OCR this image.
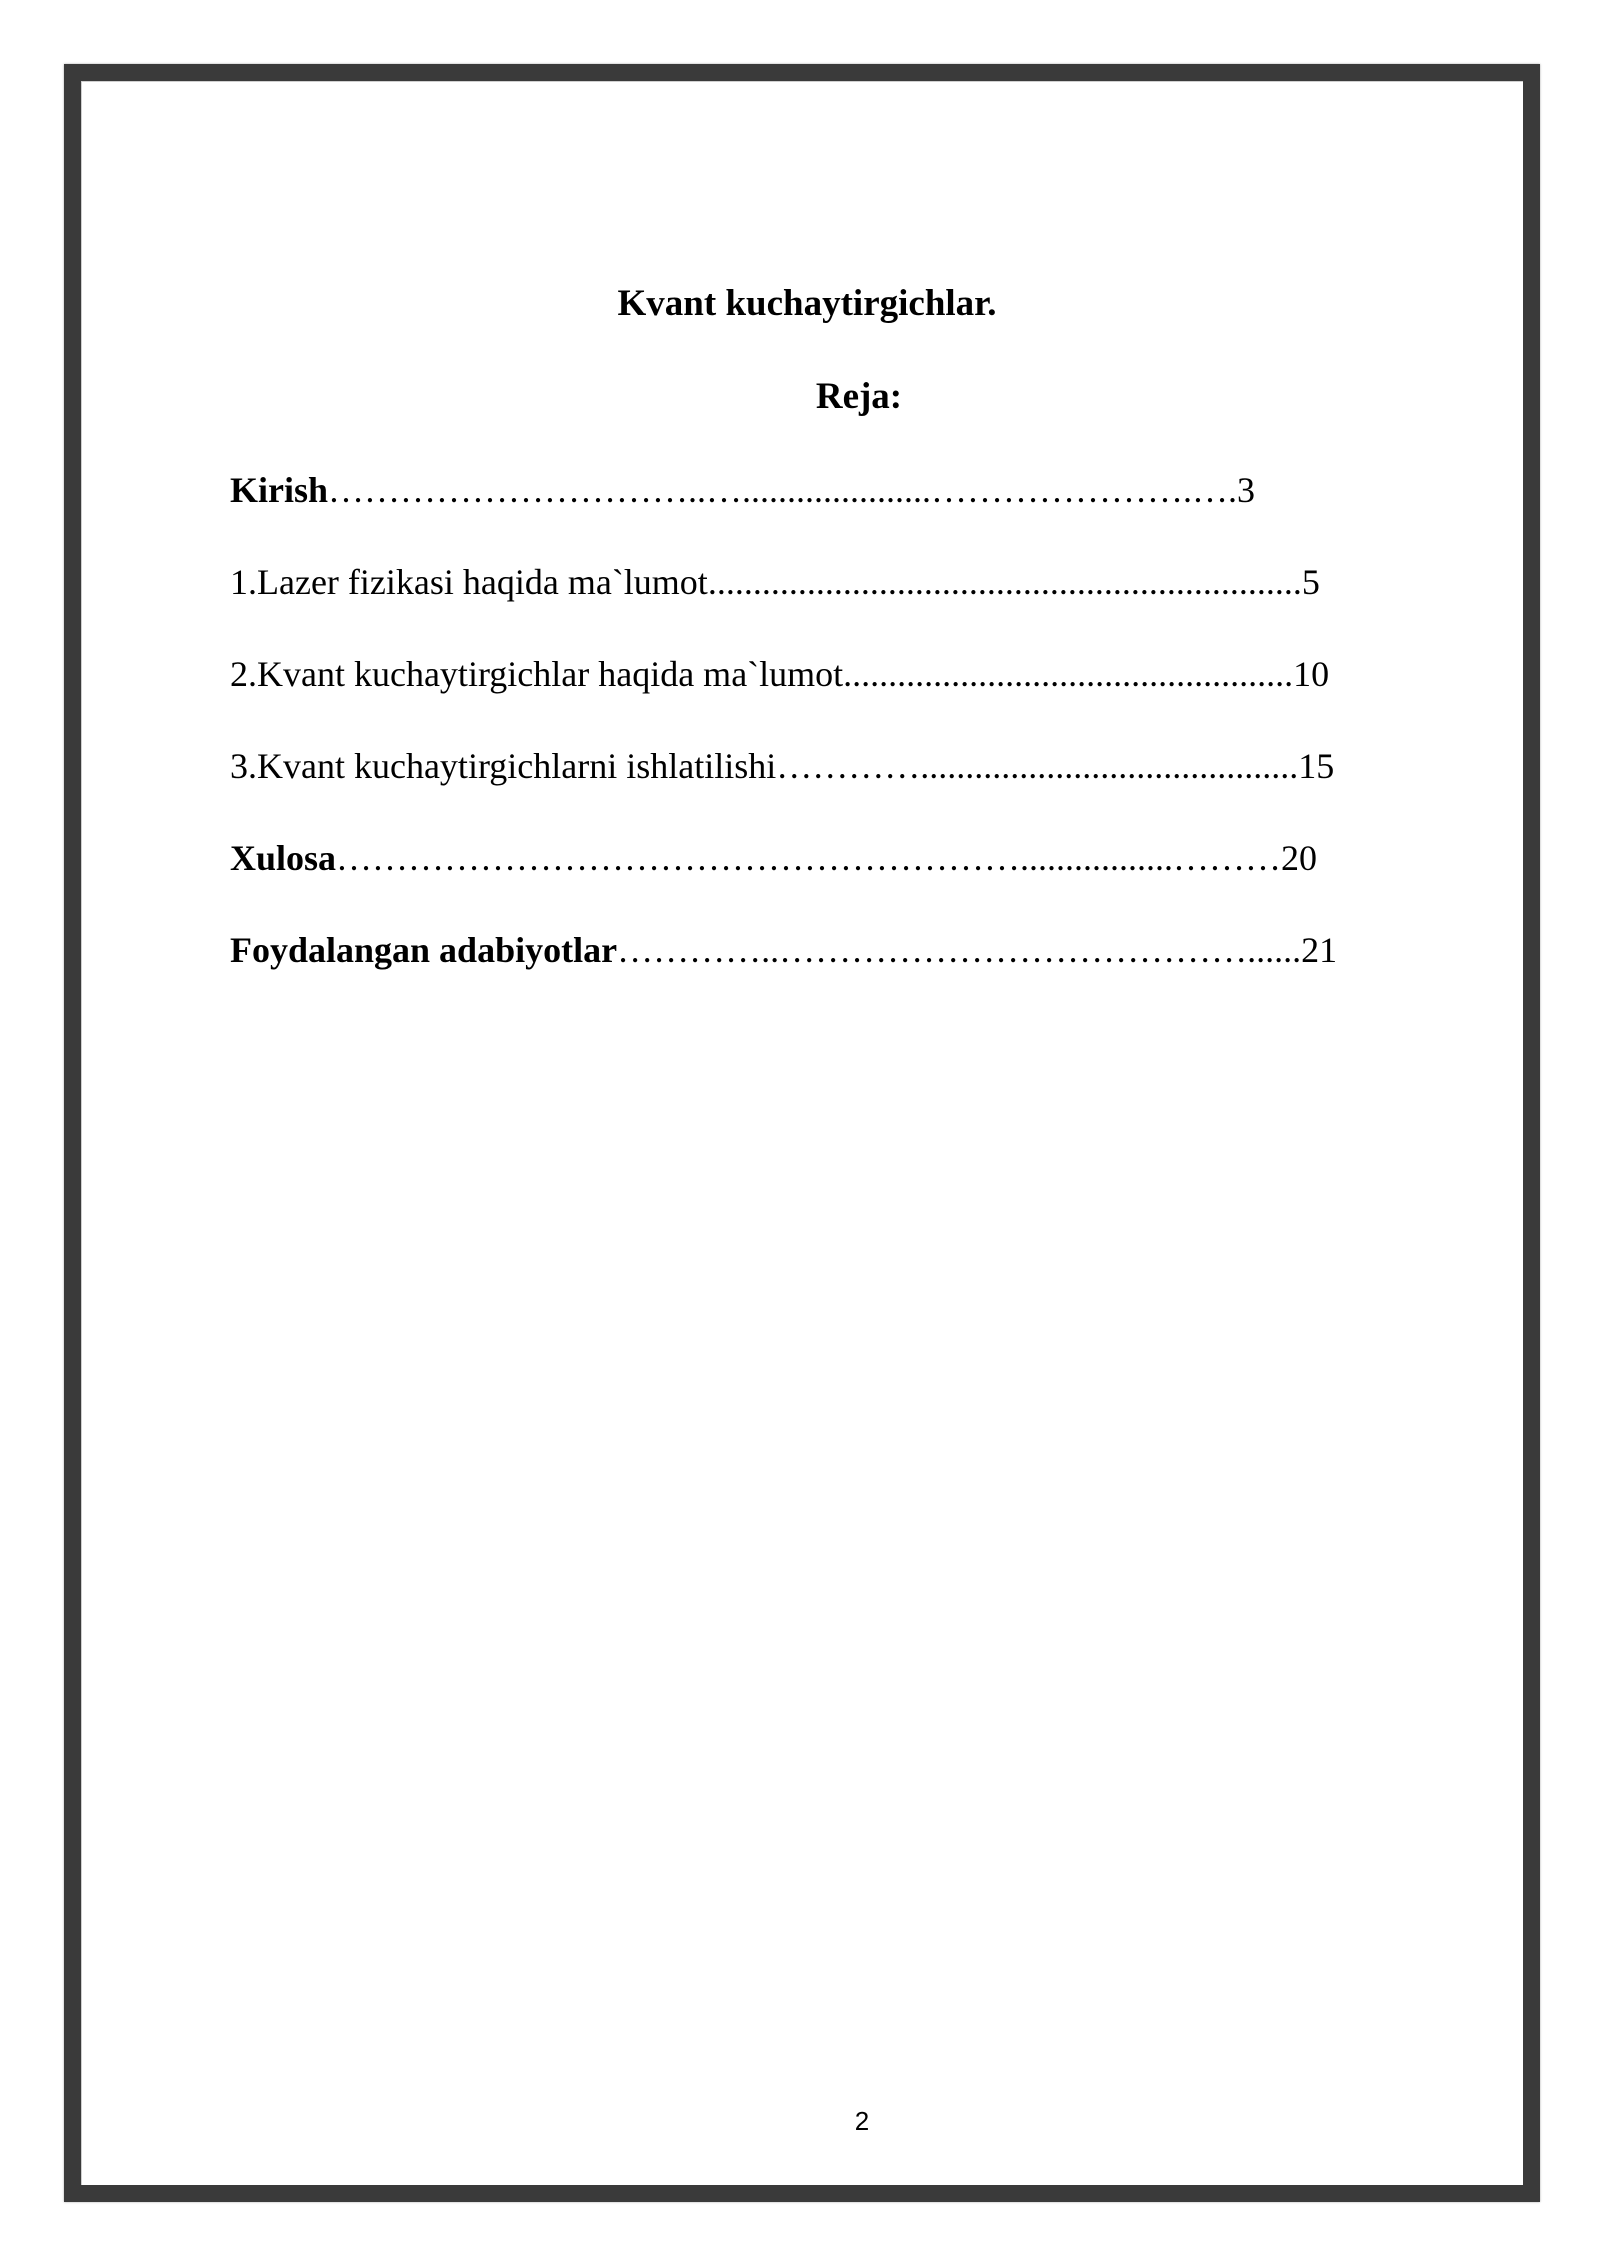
Kvant kuchaytirgichlar.
Reja:
Kirish…………………………..….....................………………….….3
1.Lazer fizikasi haqida ma`lumot..................................................................5
2.Kvant kuchaytirgichlar haqida ma`lumot..................................................10
3.Kvant kuchaytirgichlarni ishlatilishi…………..........................................15
Xulosa………………………………………………….................………20
Foydalangan adabiyotlar…………..…………………………………......21
2
